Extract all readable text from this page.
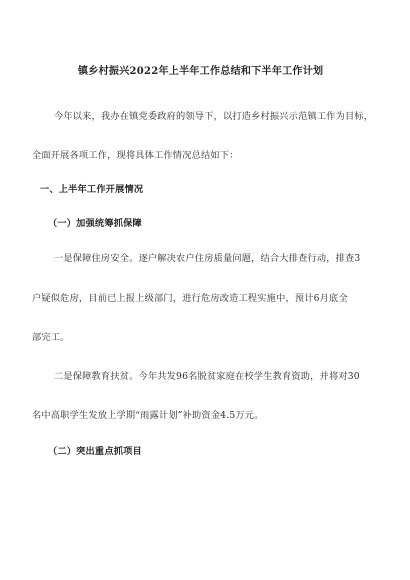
镇乡村振兴2022年上半年工作总结和下半年工作计划
今年以来，我办在镇党委政府的领导下，以打造乡村振兴示范镇工作为目标，
全面开展各项工作，现将具体工作情况总结如下：
一、上半年工作开展情况
（一）加强统筹抓保障
一是保障住房安全。逐户解决农户住房质量问题，结合大排查行动，排查3
户疑似危房，目前已上报上级部门，进行危房改造工程实施中，预计6月底全
部完工。
二是保障教育扶贫。今年共发96名脱贫家庭在校学生教育资助，并将对30
名中高职学生发放上学期“雨露计划”补助资金4.5万元。
（二）突出重点抓项目
